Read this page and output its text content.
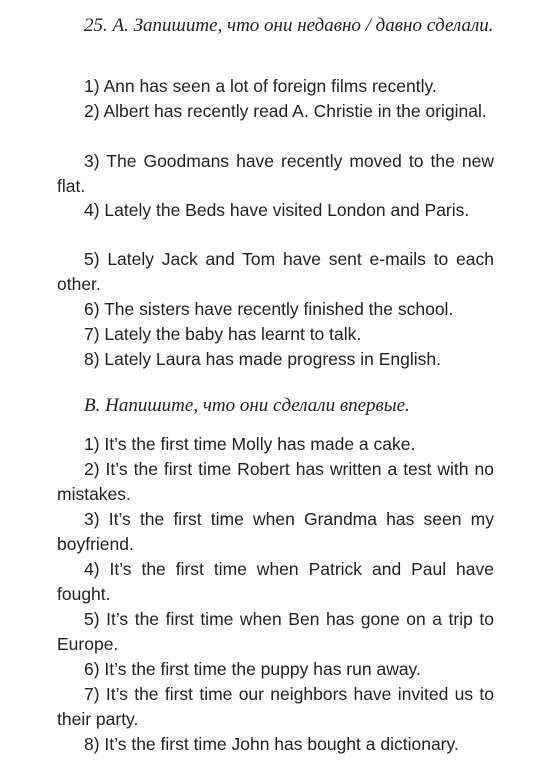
25. А. Запишите, что они недавно / давно сделали.
1) Ann has seen a lot of foreign films recently.
2) Albert has recently read A. Christie in the original.
3) The Goodmans have recently moved to the new flat.
4) Lately the Beds have visited London and Paris.
5) Lately Jack and Tom have sent e-mails to each other.
6) The sisters have recently finished the school.
7) Lately the baby has learnt to talk.
8) Lately Laura has made progress in English.
B. Напишите, что они сделали впервые.
1) It’s the first time Molly has made a cake.
2) It’s the first time Robert has written a test with no mistakes.
3) It’s the first time when Grandma has seen my boyfriend.
4) It’s the first time when Patrick and Paul have fought.
5) It’s the first time when Ben has gone on a trip to Europe.
6) It’s the first time the puppy has run away.
7) It’s the first time our neighbors have invited us to their party.
8) It’s the first time John has bought a dictionary.
